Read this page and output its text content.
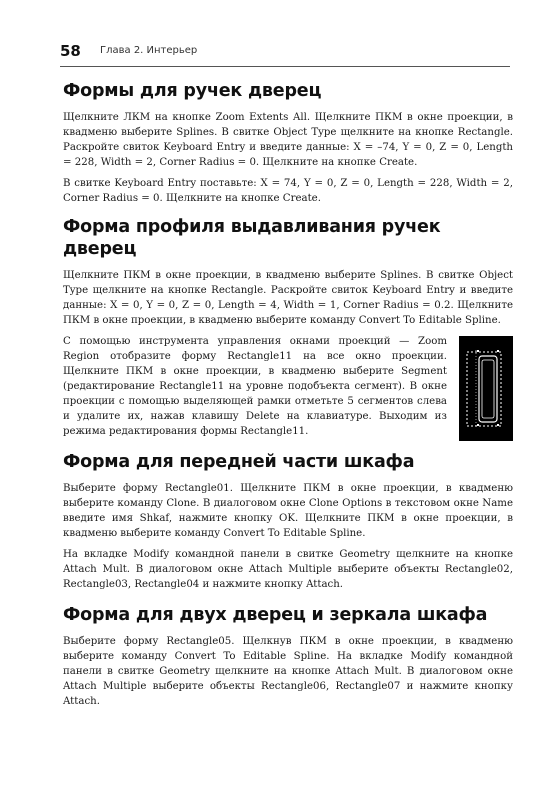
58 Глава 2. Интерьер
Формы для ручек дверец

Щелкните ЛКМ на кнопке Zoom Extents All. Щелкните ПКМ в окне проекции, в квадменю выберите Splines. В свитке Object Type щелкните на кнопке Rectangle. Раскройте свиток Keyboard Entry и введите данные: X = –74, Y = 0, Z = 0, Length = 228, Width = 2, Corner Radius = 0. Щелкните на кнопке Create.

В свитке Keyboard Entry поставьте: X = 74, Y = 0, Z = 0, Length = 228, Width = 2, Corner Radius = 0. Щелкните на кнопке Create.

Форма профиля выдавливания ручек дверец

Щелкните ПКМ в окне проекции, в квадменю выберите Splines. В свитке Object Type щелкните на кнопке Rectangle. Раскройте свиток Keyboard Entry и введите данные: X = 0, Y = 0, Z = 0, Length = 4, Width = 1, Corner Radius = 0.2. Щелкните ПКМ в окне проекции, в квадменю выберите команду Convert To Editable Spline.

С помощью инструмента управления окнами проекций — Zoom Region отобразите форму Rectangle11 на все окно проекции. Щелкните ПКМ в окне проекции, в квадменю выберите Segment (редактирование Rectangle11 на уровне подобъекта сегмент). В окне проекции с помощью выделяющей рамки отметьте 5 сегментов слева и удалите их, нажав клавишу Delete на клавиатуре. Выходим из режима редактирования формы Rectangle11.

Форма для передней части шкафа

Выберите форму Rectangle01. Щелкните ПКМ в окне проекции, в квадменю выберите команду Clone. В диалоговом окне Clone Options в текстовом окне Name введите имя Shkaf, нажмите кнопку OK. Щелкните ПКМ в окне проекции, в квадменю выберите команду Convert To Editable Spline.

На вкладке Modify командной панели в свитке Geometry щелкните на кнопке Attach Mult. В диалоговом окне Attach Multiple выберите объекты Rectangle02, Rectangle03, Rectangle04 и нажмите кнопку Attach.

Форма для двух дверец и зеркала шкафа

Выберите форму Rectangle05. Щелкнув ПКМ в окне проекции, в квадменю выберите команду Convert To Editable Spline. На вкладке Modify командной панели в свитке Geometry щелкните на кнопке Attach Mult. В диалоговом окне Attach Multiple выберите объекты Rectangle06, Rectangle07 и нажмите кнопку Attach.
